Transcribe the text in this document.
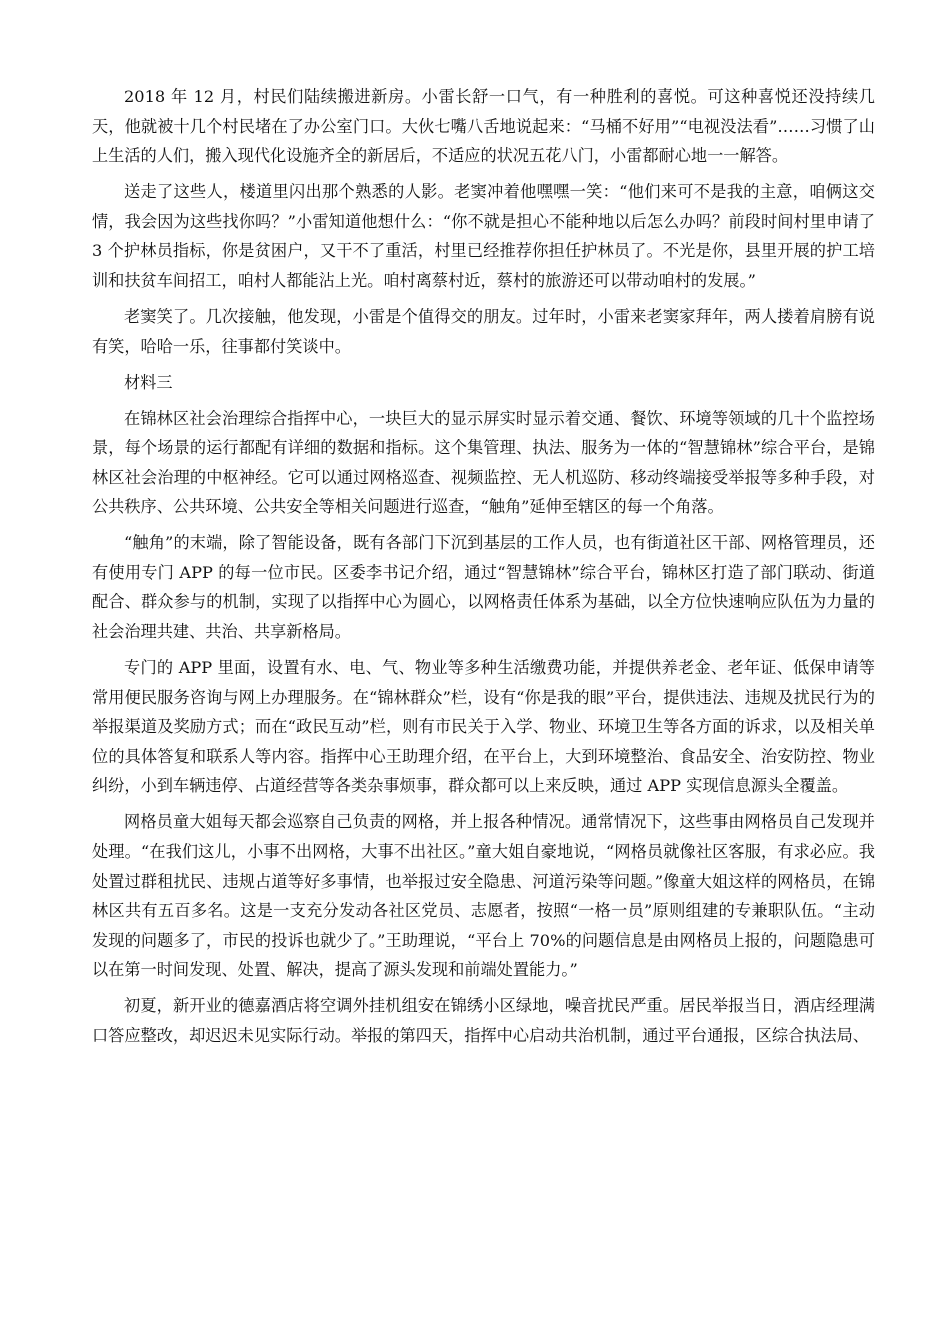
2018 年 12 月，村民们陆续搬进新房。小雷长舒一口气，有一种胜利的喜悦。可这种喜悦还没持续几天，他就被十几个村民堵在了办公室门口。大伙七嘴八舌地说起来：“马桶不好用”“电视没法看”……习惯了山上生活的人们，搬入现代化设施齐全的新居后，不适应的状况五花八门，小雷都耐心地一一解答。

送走了这些人，楼道里闪出那个熟悉的人影。老窦冲着他嘿嘿一笑：“他们来可不是我的主意，咱俩这交情，我会因为这些找你吗？”小雷知道他想什么：“你不就是担心不能种地以后怎么办吗？前段时间村里申请了 3 个护林员指标，你是贫困户，又干不了重活，村里已经推荐你担任护林员了。不光是你，县里开展的护工培训和扶贫车间招工，咱村人都能沾上光。咱村离蔡村近，蔡村的旅游还可以带动咱村的发展。”

老窦笑了。几次接触，他发现，小雷是个值得交的朋友。过年时，小雷来老窦家拜年，两人搂着肩膀有说有笑，哈哈一乐，往事都付笑谈中。

材料三

在锦林区社会治理综合指挥中心，一块巨大的显示屏实时显示着交通、餐饮、环境等领域的几十个监控场景，每个场景的运行都配有详细的数据和指标。这个集管理、执法、服务为一体的“智慧锦林”综合平台，是锦林区社会治理的中枢神经。它可以通过网格巡查、视频监控、无人机巡防、移动终端接受举报等多种手段，对公共秩序、公共环境、公共安全等相关问题进行巡查，“触角”延伸至辖区的每一个角落。

“触角”的末端，除了智能设备，既有各部门下沉到基层的工作人员，也有街道社区干部、网格管理员，还有使用专门 APP 的每一位市民。区委李书记介绍，通过“智慧锦林”综合平台，锦林区打造了部门联动、街道配合、群众参与的机制，实现了以指挥中心为圆心，以网格责任体系为基础，以全方位快速响应队伍为力量的社会治理共建、共治、共享新格局。

专门的 APP 里面，设置有水、电、气、物业等多种生活缴费功能，并提供养老金、老年证、低保申请等常用便民服务咨询与网上办理服务。在“锦林群众”栏，设有“你是我的眼”平台，提供违法、违规及扰民行为的举报渠道及奖励方式；而在“政民互动”栏，则有市民关于入学、物业、环境卫生等各方面的诉求，以及相关单位的具体答复和联系人等内容。指挥中心王助理介绍，在平台上，大到环境整治、食品安全、治安防控、物业纠纷，小到车辆违停、占道经营等各类杂事烦事，群众都可以上来反映，通过 APP 实现信息源头全覆盖。

网格员童大姐每天都会巡察自己负责的网格，并上报各种情况。通常情况下，这些事由网格员自己发现并处理。“在我们这儿，小事不出网格，大事不出社区。”童大姐自豪地说，“网格员就像社区客服，有求必应。我处置过群租扰民、违规占道等好多事情，也举报过安全隐患、河道污染等问题。”像童大姐这样的网格员，在锦林区共有五百多名。这是一支充分发动各社区党员、志愿者，按照“一格一员”原则组建的专兼职队伍。“主动发现的问题多了，市民的投诉也就少了。”王助理说，“平台上 70%的问题信息是由网格员上报的，问题隐患可以在第一时间发现、处置、解决，提高了源头发现和前端处置能力。”

初夏，新开业的德嘉酒店将空调外挂机组安在锦绣小区绿地，噪音扰民严重。居民举报当日，酒店经理满口答应整改，却迟迟未见实际行动。举报的第四天，指挥中心启动共治机制，通过平台通报，区综合执法局、
